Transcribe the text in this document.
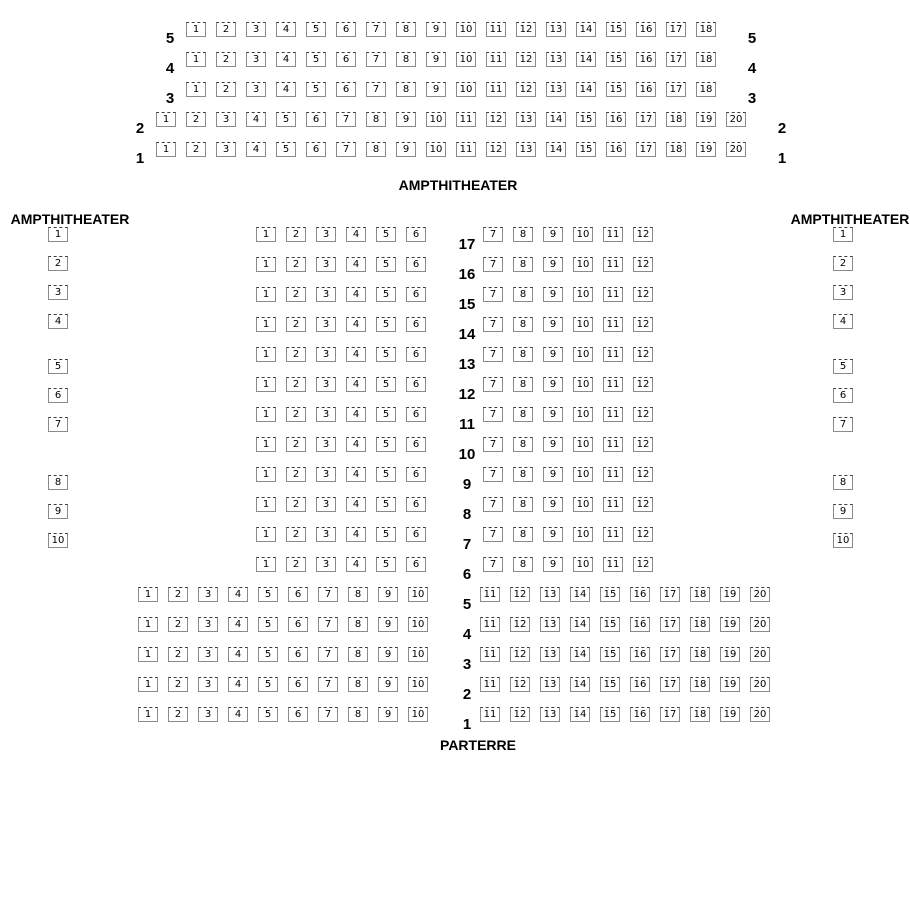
AMPTHITHEATER
AMPTHITHEATER	AMPTHITHEATER
PARTERRE
1	2	3	4	5	6	7	8	9	10	11	12	13	14	15	16	17	18
5	5
1	2	3	4	5	6	7	8	9	10	11	12	13	14	15	16	17	18
4	4
1	2	3	4	5	6	7	8	9	10	11	12	13	14	15	16	17	18
3	3
1	2	3	4	5	6	7	8	9	10	11	12	13	14	15	16	17	18	19	20
2	2
1	2	3	4	5	6	7	8	9	10	11	12	13	14	15	16	17	18	19	20
1	1
1
2
3
4
5
6
7
8
9
10
1
2
3
4
5
6
7
8
9
10
1	2	3	4	5	6	7	8	9	10	11	12
17
1	2	3	4	5	6	7	8	9	10	11	12
16
1	2	3	4	5	6	7	8	9	10	11	12
15
1	2	3	4	5	6	7	8	9	10	11	12
14
1	2	3	4	5	6	7	8	9	10	11	12
13
1	2	3	4	5	6	7	8	9	10	11	12
12
1	2	3	4	5	6	7	8	9	10	11	12
11
1	2	3	4	5	6	7	8	9	10	11	12
10
1	2	3	4	5	6	7	8	9	10	11	12
9
1	2	3	4	5	6	7	8	9	10	11	12
8
1	2	3	4	5	6	7	8	9	10	11	12
7
1	2	3	4	5	6	7	8	9	10	11	12
6
1	2	3	4	5	6	7	8	9	10	11	12	13	14	15	16	17	18	19	20
5
1	2	3	4	5	6	7	8	9	10	11	12	13	14	15	16	17	18	19	20
4
1	2	3	4	5	6	7	8	9	10	11	12	13	14	15	16	17	18	19	20
3
1	2	3	4	5	6	7	8	9	10	11	12	13	14	15	16	17	18	19	20
2
1	2	3	4	5	6	7	8	9	10	11	12	13	14	15	16	17	18	19	20
1
